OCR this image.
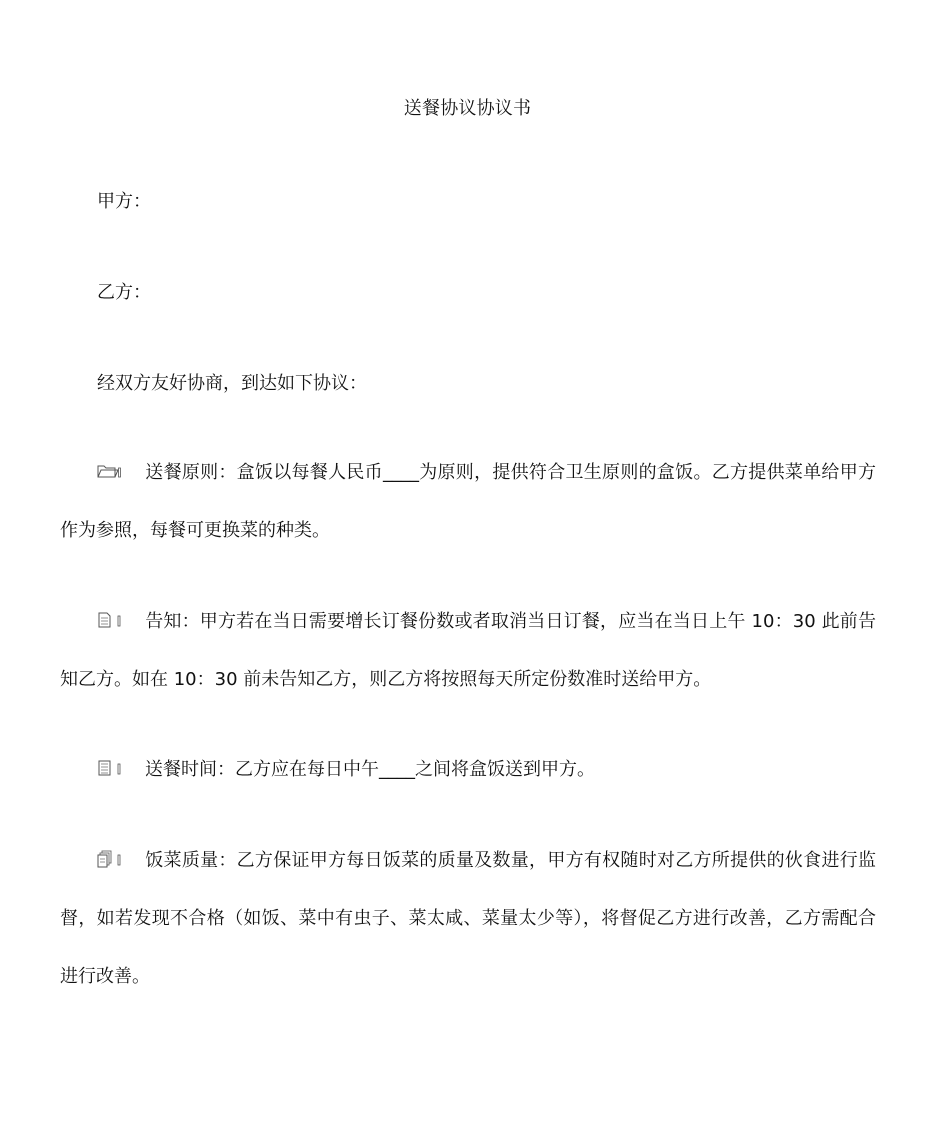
送餐协议协议书
甲方：
乙方：
经双方友好协商，到达如下协议：
送餐原则：盒饭以每餐人民币____为原则，提供符合卫生原则的盒饭。乙方提供菜单给甲方作为参照，每餐可更换菜的种类。
告知：甲方若在当日需要增长订餐份数或者取消当日订餐，应当在当日上午 10：30 此前告知乙方。如在 10：30 前未告知乙方，则乙方将按照每天所定份数准时送给甲方。
送餐时间：乙方应在每日中午____之间将盒饭送到甲方。
饭菜质量：乙方保证甲方每日饭菜的质量及数量，甲方有权随时对乙方所提供的伙食进行监督，如若发现不合格（如饭、菜中有虫子、菜太咸、菜量太少等），将督促乙方进行改善，乙方需配合进行改善。
